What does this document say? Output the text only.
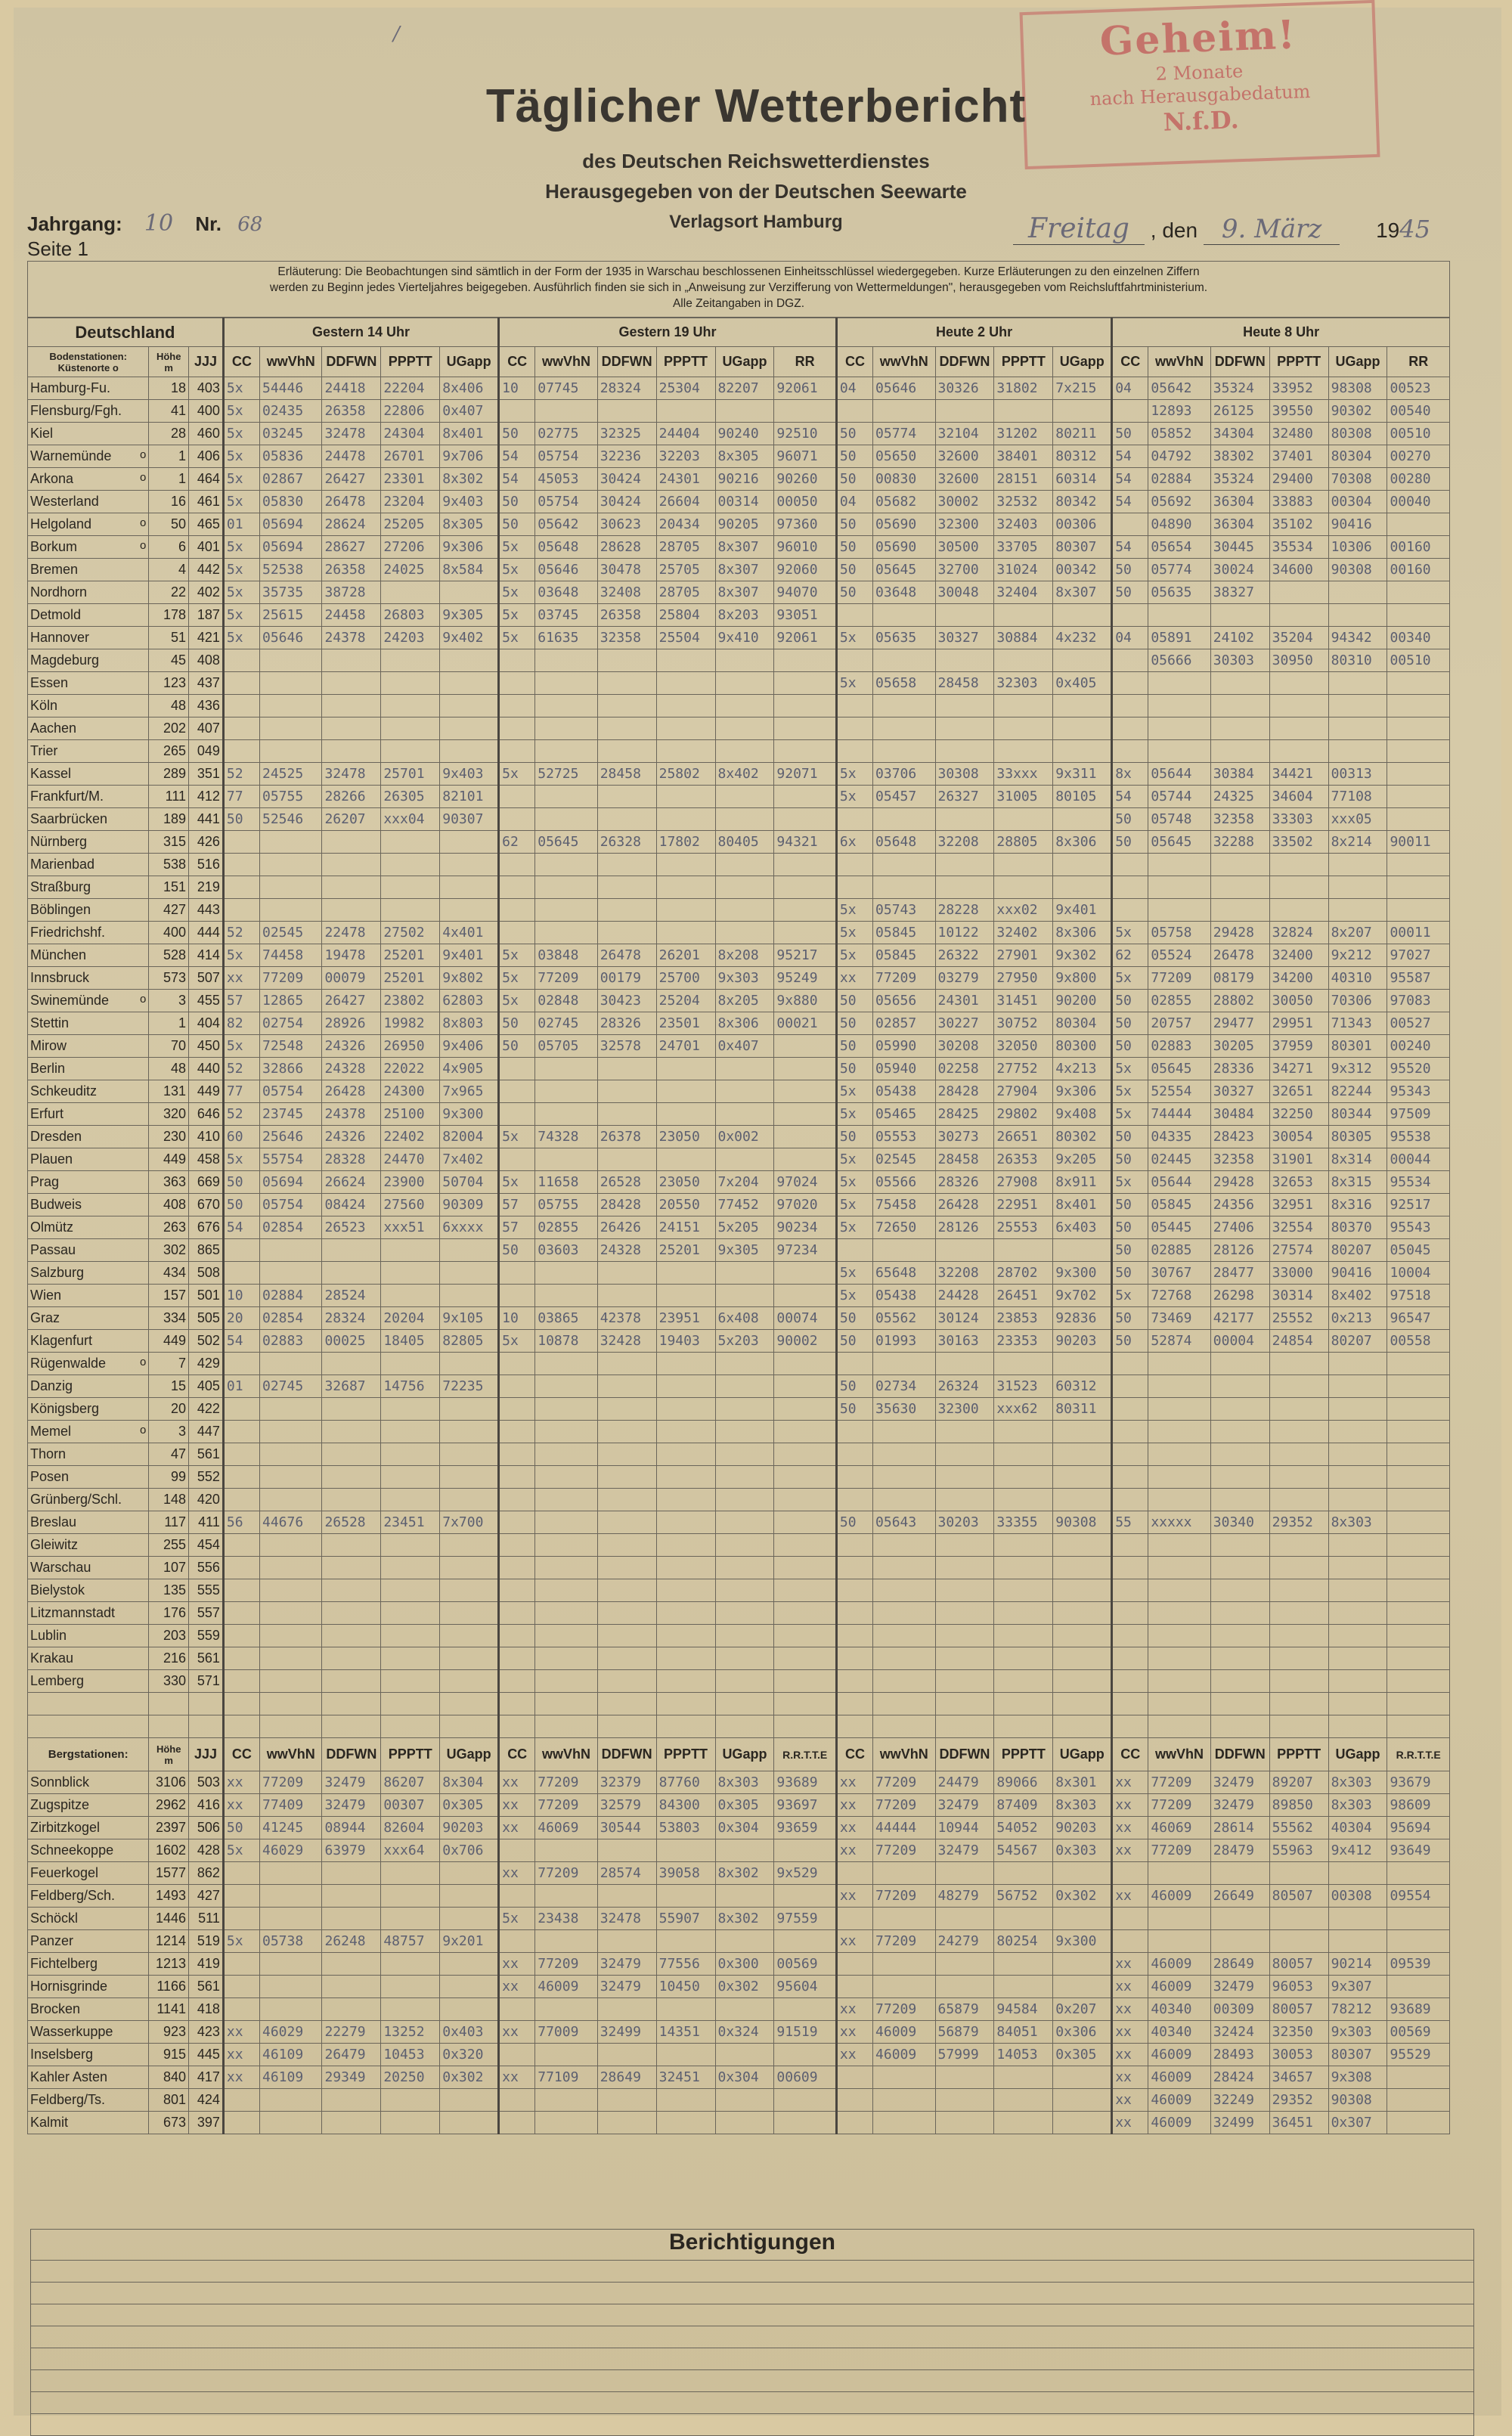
/	Geheim!
2 Monate
nach Herausgabedatum
N.f.D.
Täglicher Wetterbericht
des Deutschen Reichswetterdienstes
Herausgegeben von der Deutschen Seewarte
Verlagsort Hamburg
Jahrgang: 10 Nr. 68
Seite 1
Freitag , den 9. März	1945
Erläuterung: Die Beobachtungen sind sämtlich in der Form der 1935 in Warschau beschlossenen Einheitsschlüssel wiedergegeben. Kurze Erläuterungen zu den einzelnen Ziffern
werden zu Beginn jedes Vierteljahres beigegeben. Ausführlich finden sie sich in „Anweisung zur Verzifferung von Wettermeldungen", herausgegeben vom Reichsluftfahrtministerium.
Alle Zeitangaben in DGZ.
Deutschland			Gestern 14 Uhr					Gestern 19 Uhr						Heute 2 Uhr					Heute 8 Uhr					
Bodenstationen: Küstenorte o	Höhe m	JJJ	CC	wwVhN	DDFWN	PPPTT	UGapp	CC	wwVhN	DDFWN	PPPTT	UGapp	RR	CC	wwVhN	DDFWN	PPPTT	UGapp	CC	wwVhN	DDFWN	PPPTT	UGapp	RR
Hamburg-Fu.	18	403	5x	54446	24418	22204	8x406	10	07745	28324	25304	82207	92061	04	05646	30326	31802	7x215	04	05642	35324	33952	98308	00523
Flensburg/Fgh.	41	400	5x	02435	26358	22806	0x407													12893	26125	39550	90302	00540
Kiel	28	460	5x	03245	32478	24304	8x401	50	02775	32325	24404	90240	92510	50	05774	32104	31202	80211	50	05852	34304	32480	80308	00510
Warnemünde o	1	406	5x	05836	24478	26701	9x706	54	05754	32236	32203	8x305	96071	50	05650	32600	38401	80312	54	04792	38302	37401	80304	00270
Arkona o	1	464	5x	02867	26427	23301	8x302	54	45053	30424	24301	90216	90260	50	00830	32600	28151	60314	54	02884	35324	29400	70308	00280
Westerland	16	461	5x	05830	26478	23204	9x403	50	05754	30424	26604	00314	00050	04	05682	30002	32532	80342	54	05692	36304	33883	00304	00040
Helgoland o	50	465	01	05694	28624	25205	8x305	50	05642	30623	20434	90205	97360	50	05690	32300	32403	00306		04890	36304	35102	90416	
Borkum o	6	401	5x	05694	28627	27206	9x306	5x	05648	28628	28705	8x307	96010	50	05690	30500	33705	80307	54	05654	30445	35534	10306	00160
Bremen	4	442	5x	52538	26358	24025	8x584	5x	05646	30478	25705	8x307	92060	50	05645	32700	31024	00342	50	05774	30024	34600	90308	00160
Nordhorn	22	402	5x	35735	38728			5x	03648	32408	28705	8x307	94070	50	03648	30048	32404	8x307	50	05635	38327			
Detmold	178	187	5x	25615	24458	26803	9x305	5x	03745	26358	25804	8x203	93051											
Hannover	51	421	5x	05646	24378	24203	9x402	5x	61635	32358	25504	9x410	92061	5x	05635	30327	30884	4x232	04	05891	24102	35204	94342	00340
Magdeburg	45	408																		05666	30303	30950	80310	00510
Essen	123	437												5x	05658	28458	32303	0x405						
Köln	48	436																						
Aachen	202	407																						
Trier	265	049																						
Kassel	289	351	52	24525	32478	25701	9x403	5x	52725	28458	25802	8x402	92071	5x	03706	30308	33xxx	9x311	8x	05644	30384	34421	00313	
Frankfurt/M.	111	412	77	05755	28266	26305	82101							5x	05457	26327	31005	80105	54	05744	24325	34604	77108	
Saarbrücken	189	441	50	52546	26207	xxx04	90307												50	05748	32358	33303	xxx05	
Nürnberg	315	426						62	05645	26328	17802	80405	94321	6x	05648	32208	28805	8x306	50	05645	32288	33502	8x214	90011
Marienbad	538	516																						
Straßburg	151	219																						
Böblingen	427	443												5x	05743	28228	xxx02	9x401						
Friedrichshf.	400	444	52	02545	22478	27502	4x401							5x	05845	10122	32402	8x306	5x	05758	29428	32824	8x207	00011
München	528	414	5x	74458	19478	25201	9x401	5x	03848	26478	26201	8x208	95217	5x	05845	26322	27901	9x302	62	05524	26478	32400	9x212	97027
Innsbruck	573	507	xx	77209	00079	25201	9x802	5x	77209	00179	25700	9x303	95249	xx	77209	03279	27950	9x800	5x	77209	08179	34200	40310	95587
Swinemünde o	3	455	57	12865	26427	23802	62803	5x	02848	30423	25204	8x205	9x880	50	05656	24301	31451	90200	50	02855	28802	30050	70306	97083
Stettin	1	404	82	02754	28926	19982	8x803	50	02745	28326	23501	8x306	00021	50	02857	30227	30752	80304	50	20757	29477	29951	71343	00527
Mirow	70	450	5x	72548	24326	26950	9x406	50	05705	32578	24701	0x407		50	05990	30208	32050	80300	50	02883	30205	37959	80301	00240
Berlin	48	440	52	32866	24328	22022	4x905							50	05940	02258	27752	4x213	5x	05645	28336	34271	9x312	95520
Schkeuditz	131	449	77	05754	26428	24300	7x965							5x	05438	28428	27904	9x306	5x	52554	30327	32651	82244	95343
Erfurt	320	646	52	23745	24378	25100	9x300							5x	05465	28425	29802	9x408	5x	74444	30484	32250	80344	97509
Dresden	230	410	60	25646	24326	22402	82004	5x	74328	26378	23050	0x002		50	05553	30273	26651	80302	50	04335	28423	30054	80305	95538
Plauen	449	458	5x	55754	28328	24470	7x402							5x	02545	28458	26353	9x205	50	02445	32358	31901	8x314	00044
Prag	363	669	50	05694	26624	23900	50704	5x	11658	26528	23050	7x204	97024	5x	05566	28326	27908	8x911	5x	05644	29428	32653	8x315	95534
Budweis	408	670	50	05754	08424	27560	90309	57	05755	28428	20550	77452	97020	5x	75458	26428	22951	8x401	50	05845	24356	32951	8x316	92517
Olmütz	263	676	54	02854	26523	xxx51	6xxxx	57	02855	26426	24151	5x205	90234	5x	72650	28126	25553	6x403	50	05445	27406	32554	80370	95543
Passau	302	865						50	03603	24328	25201	9x305	97234						50	02885	28126	27574	80207	05045
Salzburg	434	508												5x	65648	32208	28702	9x300	50	30767	28477	33000	90416	10004
Wien	157	501	10	02884	28524									5x	05438	24428	26451	9x702	5x	72768	26298	30314	8x402	97518
Graz	334	505	20	02854	28324	20204	9x105	10	03865	42378	23951	6x408	00074	50	05562	30124	23853	92836	50	73469	42177	25552	0x213	96547
Klagenfurt	449	502	54	02883	00025	18405	82805	5x	10878	32428	19403	5x203	90002	50	01993	30163	23353	90203	50	52874	00004	24854	80207	00558
Rügenwalde o	7	429																						
Danzig	15	405	01	02745	32687	14756	72235							50	02734	26324	31523	60312						
Königsberg	20	422												50	35630	32300	xxx62	80311						
Memel o	3	447																						
Thorn	47	561																						
Posen	99	552																						
Grünberg/Schl.	148	420																						
Breslau	117	411	56	44676	26528	23451	7x700							50	05643	30203	33355	90308	55	xxxxx	30340	29352	8x303	
Gleiwitz	255	454																						
Warschau	107	556																						
Bielystok	135	555																						
Litzmannstadt	176	557																						
Lublin	203	559																						
Krakau	216	561																						
Lemberg	330	571																						

Bergstationen:	Höhe m	JJJ	CC	wwVhN	DDFWN	PPPTT	UGapp	CC	wwVhN	DDFWN	PPPTT	UGapp	R.R.T.T.E	CC	wwVhN	DDFWN	PPPTT	UGapp	CC	wwVhN	DDFWN	PPPTT	UGapp	R.R.T.T.E
Sonnblick	3106	503	xx	77209	32479	86207	8x304	xx	77209	32379	87760	8x303	93689	xx	77209	24479	89066	8x301	xx	77209	32479	89207	8x303	93679
Zugspitze	2962	416	xx	77409	32479	00307	0x305	xx	77209	32579	84300	0x305	93697	xx	77209	32479	87409	8x303	xx	77209	32479	89850	8x303	98609
Zirbitzkogel	2397	506	50	41245	08944	82604	90203	xx	46069	30544	53803	0x304	93659	xx	44444	10944	54052	90203	xx	46069	28614	55562	40304	95694
Schneekoppe	1602	428	5x	46029	63979	xxx64	0x706							xx	77209	32479	54567	0x303	xx	77209	28479	55963	9x412	93649
Feuerkogel	1577	862						xx	77209	28574	39058	8x302	9x529											
Feldberg/Sch.	1493	427												xx	77209	48279	56752	0x302	xx	46009	26649	80507	00308	09554
Schöckl	1446	511						5x	23438	32478	55907	8x302	97559											
Panzer	1214	519	5x	05738	26248	48757	9x201							xx	77209	24279	80254	9x300						
Fichtelberg	1213	419						xx	77209	32479	77556	0x300	00569						xx	46009	28649	80057	90214	09539
Hornisgrinde	1166	561						xx	46009	32479	10450	0x302	95604						xx	46009	32479	96053	9x307	
Brocken	1141	418												xx	77209	65879	94584	0x207	xx	40340	00309	80057	78212	93689
Wasserkuppe	923	423	xx	46029	22279	13252	0x403	xx	77009	32499	14351	0x324	91519	xx	46009	56879	84051	0x306	xx	40340	32424	32350	9x303	00569
Inselsberg	915	445	xx	46109	26479	10453	0x320							xx	46009	57999	14053	0x305	xx	46009	28493	30053	80307	95529
Kahler Asten	840	417	xx	46109	29349	20250	0x302	xx	77109	28649	32451	0x304	00609						xx	46009	28424	34657	9x308	
Feldberg/Ts.	801	424																	xx	46009	32249	29352	90308	
Kalmit	673	397																	xx	46009	32499	36451	0x307	
Berichtigungen
